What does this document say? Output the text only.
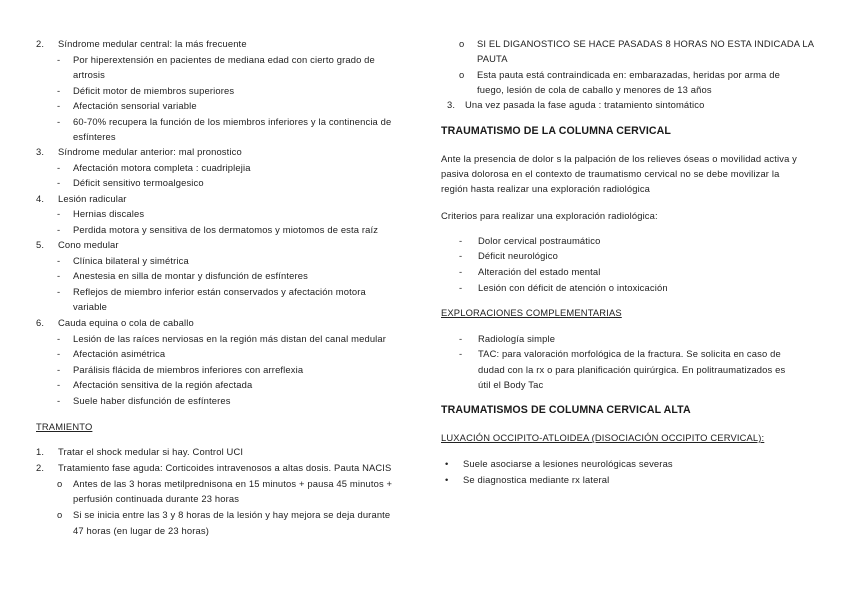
2. Síndrome medular central: la más frecuente
- Por hiperextensión en pacientes de mediana edad con cierto grado de
artrosis
- Déficit motor de miembros superiores
- Afectación sensorial variable
- 60-70% recupera la función de los miembros inferiores y la continencia de
esfínteres
3. Síndrome medular anterior: mal pronostico
- Afectación motora completa : cuadriplejia
- Déficit sensitivo termoalgesico
4. Lesión radicular
- Hernias discales
- Perdida motora y sensitiva de los dermatomos y miotomos de esta raíz
5. Cono medular
- Clínica bilateral y simétrica
- Anestesia en silla de montar y disfunción de esfínteres
- Reflejos de miembro inferior están conservados y afectación motora
variable
6. Cauda equina o cola de caballo
- Lesión de las raíces nerviosas en la región más distan del canal medular
- Afectación asimétrica
- Parálisis flácida de miembros inferiores con arreflexia
- Afectación sensitiva de la región afectada
- Suele haber disfunción de esfínteres
TRAMIENTO
1. Tratar el shock medular si hay. Control UCI
2. Tratamiento fase aguda: Corticoides intravenosos a altas dosis. Pauta NACIS
o Antes de las 3 horas metilprednisona en 15 minutos + pausa 45 minutos +
perfusión continuada durante 23 horas
o Si se inicia entre las 3 y 8 horas de la lesión y hay mejora se deja durante
47 horas (en lugar de 23 horas)
o SI EL DIGANOSTICO SE HACE PASADAS 8 HORAS NO ESTA INDICADA LA
PAUTA
o Esta pauta está contraindicada en: embarazadas, heridas por arma de
fuego, lesión de cola de caballo y menores de 13 años
3. Una vez pasada la fase aguda : tratamiento sintomático
TRAUMATISMO DE LA COLUMNA CERVICAL
Ante la presencia de dolor s la palpación de los relieves óseas o movilidad activa y
pasiva dolorosa en el contexto de traumatismo cervical no se debe movilizar la
región hasta realizar una exploración radiológica
Criterios para realizar una exploración radiológica:
- Dolor cervical postraumático
- Déficit neurológico
- Alteración del estado mental
- Lesión con déficit de atención o intoxicación
EXPLORACIONES COMPLEMENTARIAS
- Radiología simple
- TAC: para valoración morfológica de la fractura. Se solicita en caso de
dudad con la rx o para planificación quirúrgica. En politraumatizados es
útil el Body Tac
TRAUMATISMOS DE COLUMNA CERVICAL ALTA
LUXACIÓN OCCIPITO-ATLOIDEA (DISOCIACIÓN OCCIPITO CERVICAL):
• Suele asociarse a lesiones neurológicas severas
• Se diagnostica mediante rx lateral
